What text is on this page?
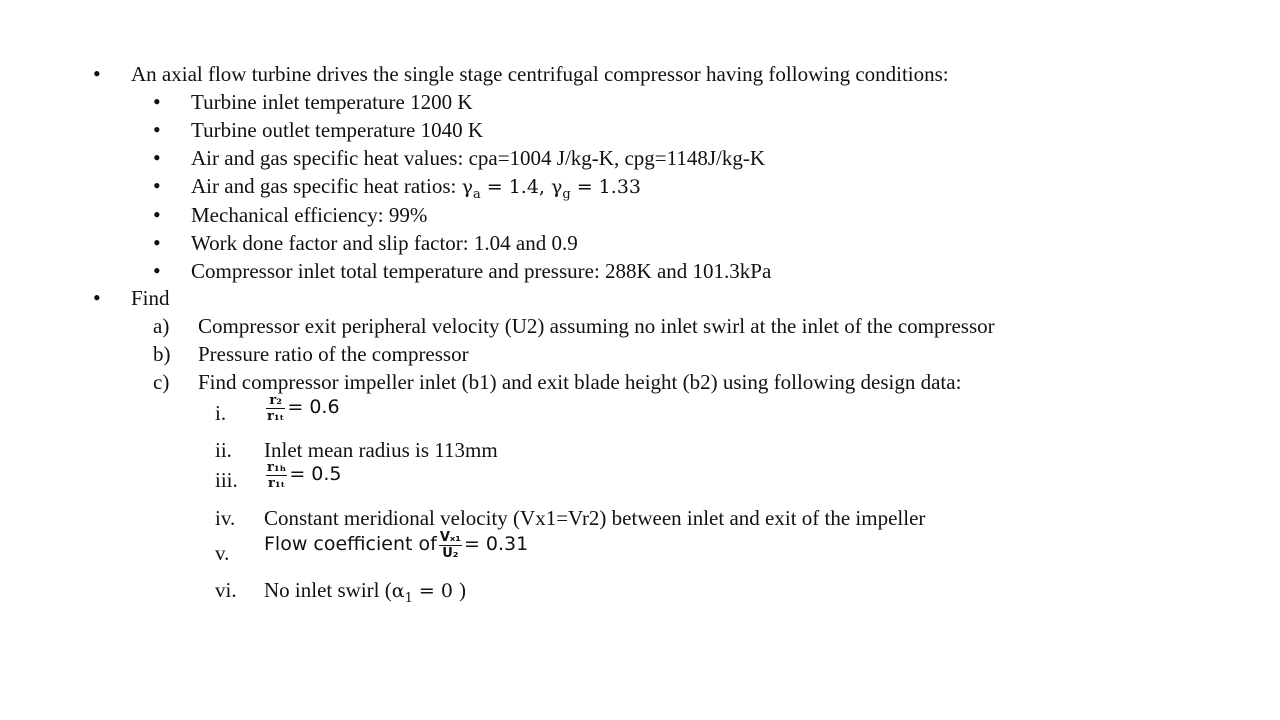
• An axial flow turbine drives the single stage centrifugal compressor having following conditions:
• Turbine inlet temperature 1200 K
• Turbine outlet temperature 1040 K
• Air and gas specific heat values: cpa=1004 J/kg-K, cpg=1148J/kg-K
• Air and gas specific heat ratios: $\gamma_a = 1.4$, $\gamma_g = 1.33$
• Mechanical efficiency: 99%
• Work done factor and slip factor: 1.04 and 0.9
• Compressor inlet total temperature and pressure: 288K and 101.3kPa
• Find
a) Compressor exit peripheral velocity (U2) assuming no inlet swirl at the inlet of the compressor
b) Pressure ratio of the compressor
c) Find compressor impeller inlet (b1) and exit blade height (b2) using following design data:
i.	$\frac{\text{r₂}}{\text{r₁ₜ}} = 0.6$
ii. Inlet mean radius is 113mm
iii. $\frac{\text{r₁ₕ}}{\text{r₁ₜ}} = 0.5$
iv. Constant meridional velocity (Vx1=Vr2) between inlet and exit of the impeller
v. Flow coefficient of $\frac{\text{Vₓ₁}}{\text{U₂}} = 0.31$
vi. No inlet swirl ($\alpha_1 = 0$ )
